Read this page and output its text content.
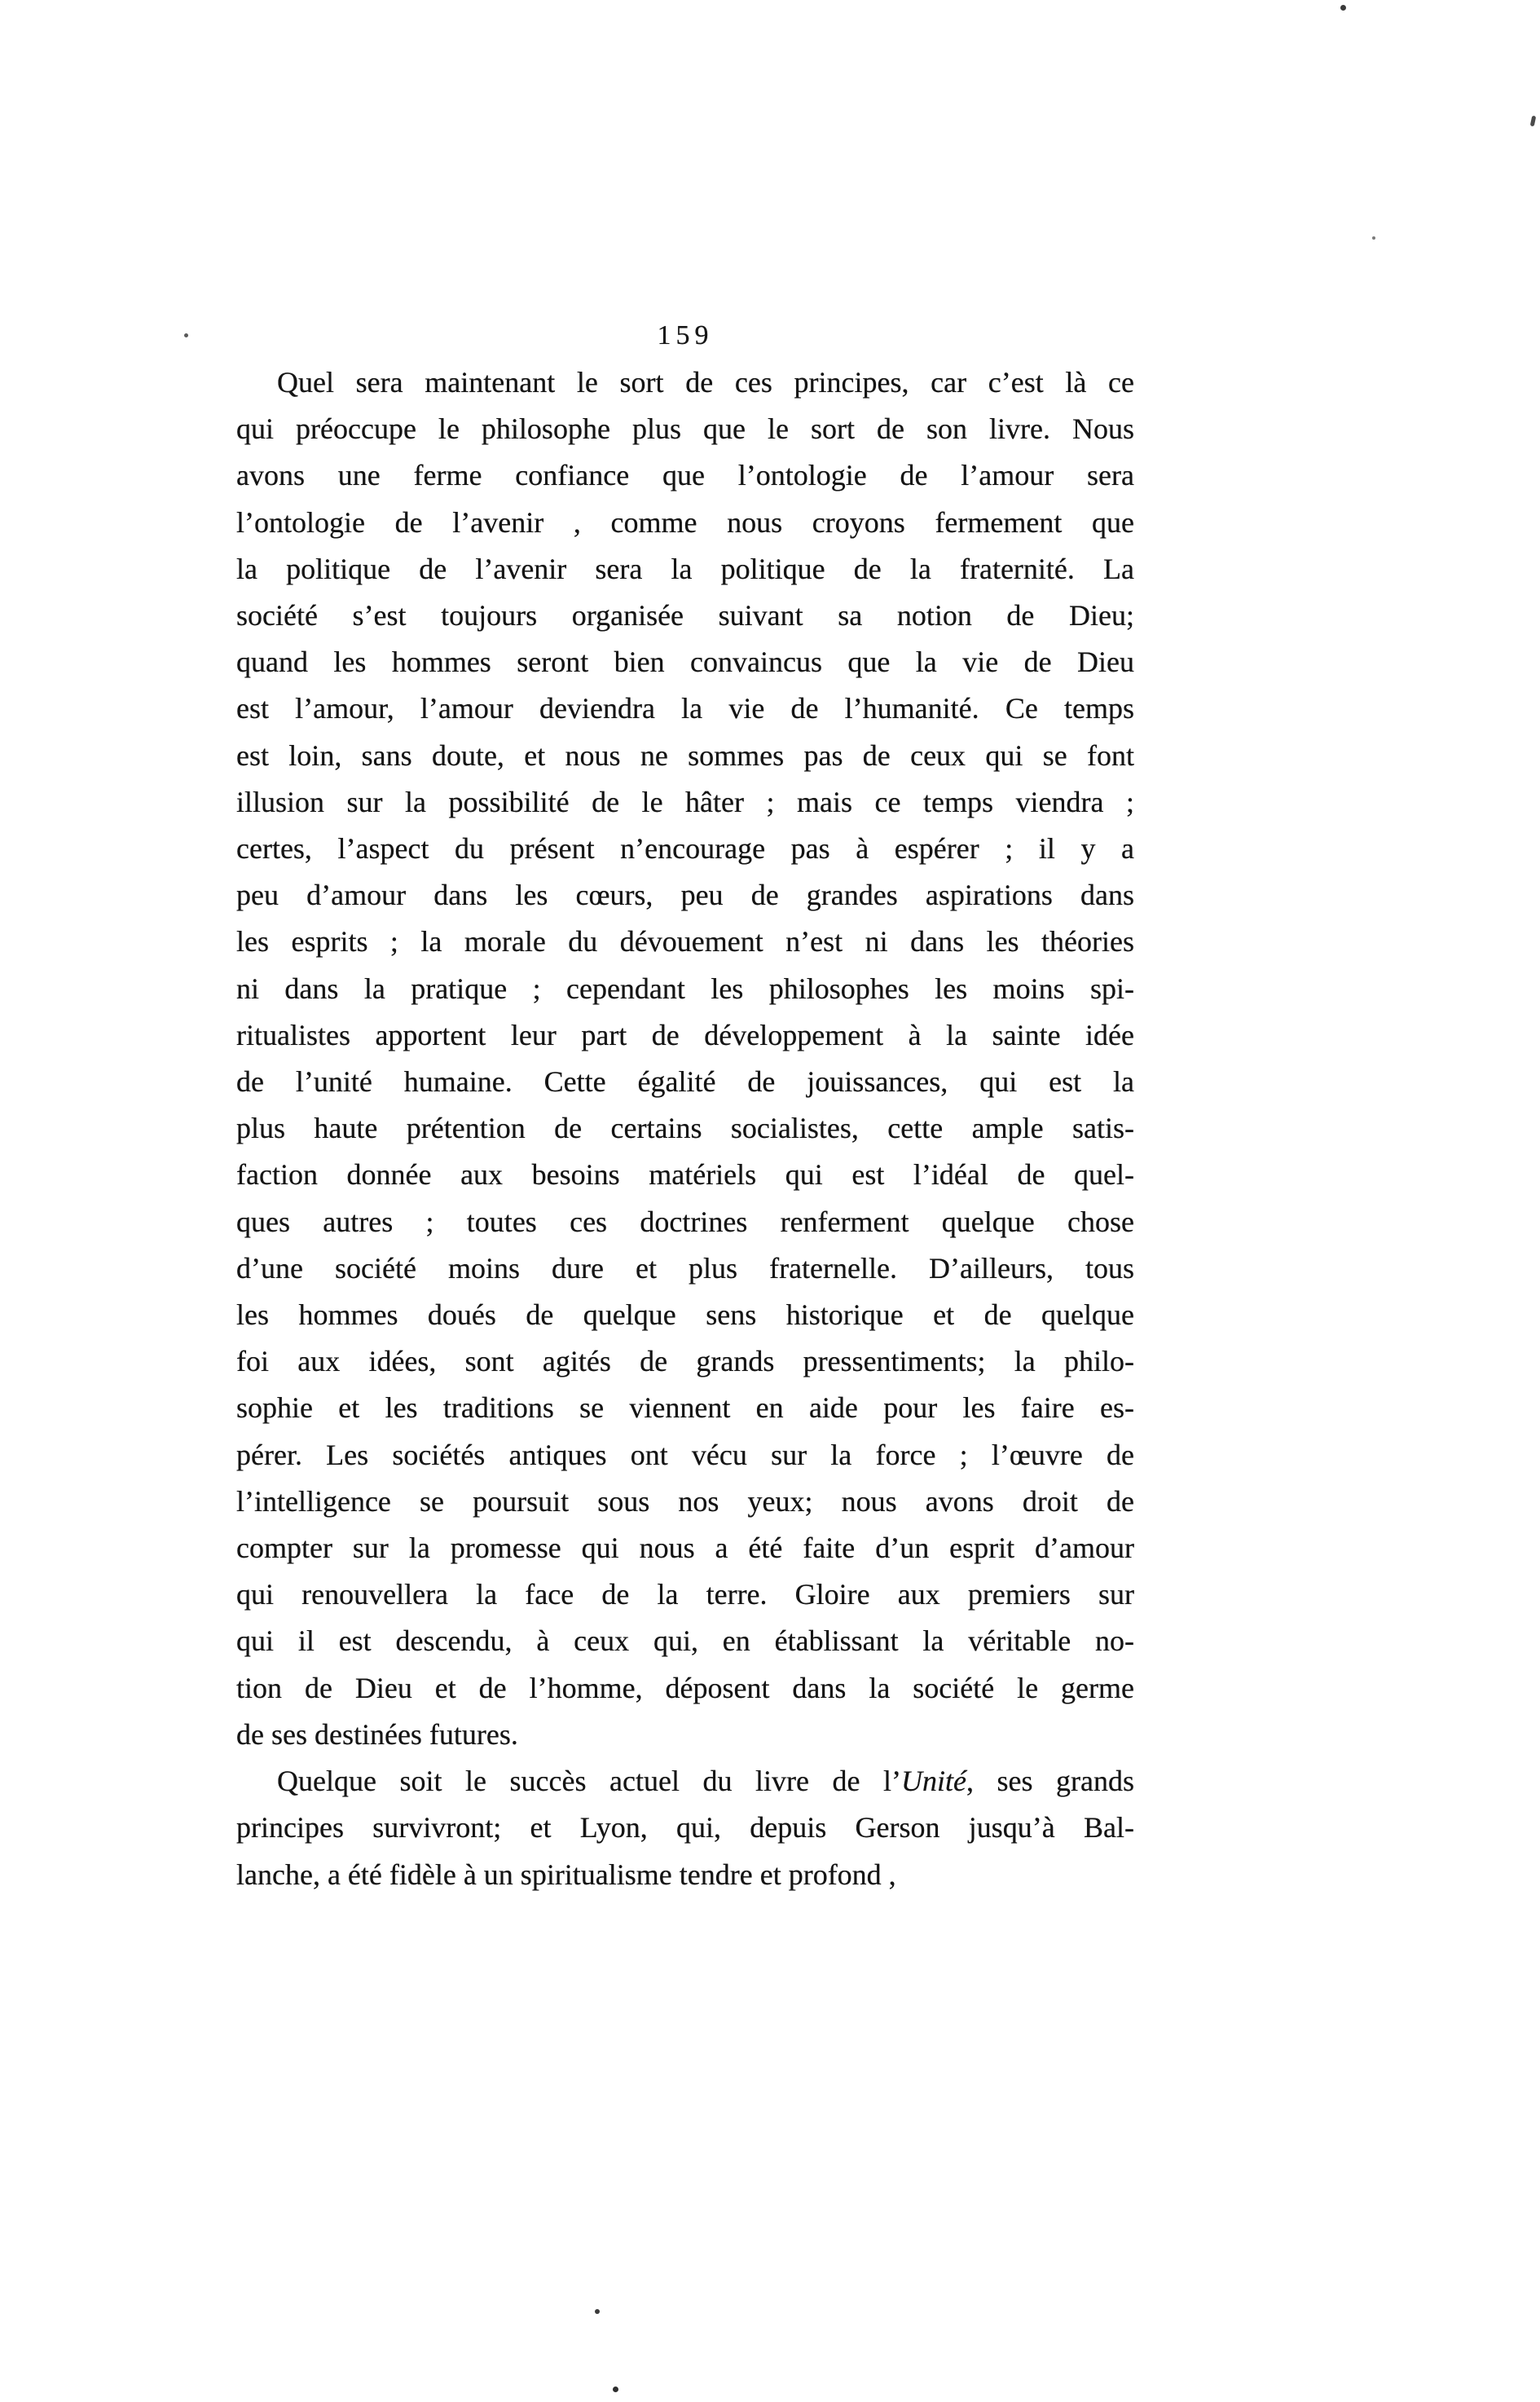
159
Quel sera maintenant le sort de ces principes, car c’est là ce
qui préoccupe le philosophe plus que le sort de son livre. Nous
avons une ferme confiance que l’ontologie de l’amour sera
l’ontologie de l’avenir , comme nous croyons fermement que
la politique de l’avenir sera la politique de la fraternité. La
société s’est toujours organisée suivant sa notion de Dieu;
quand les hommes seront bien convaincus que la vie de Dieu
est l’amour, l’amour deviendra la vie de l’humanité. Ce temps
est loin, sans doute, et nous ne sommes pas de ceux qui se font
illusion sur la possibilité de le hâter ; mais ce temps viendra ;
certes, l’aspect du présent n’encourage pas à espérer ; il y a
peu d’amour dans les cœurs, peu de grandes aspirations dans
les esprits ; la morale du dévouement n’est ni dans les théories
ni dans la pratique ; cependant les philosophes les moins spi-
ritualistes apportent leur part de développement à la sainte idée
de l’unité humaine. Cette égalité de jouissances, qui est la
plus haute prétention de certains socialistes, cette ample satis-
faction donnée aux besoins matériels qui est l’idéal de quel-
ques autres ; toutes ces doctrines renferment quelque chose
d’une société moins dure et plus fraternelle. D’ailleurs, tous
les hommes doués de quelque sens historique et de quelque
foi aux idées, sont agités de grands pressentiments; la philo-
sophie et les traditions se viennent en aide pour les faire es-
pérer. Les sociétés antiques ont vécu sur la force ; l’œuvre de
l’intelligence se poursuit sous nos yeux; nous avons droit de
compter sur la promesse qui nous a été faite d’un esprit d’amour
qui renouvellera la face de la terre. Gloire aux premiers sur
qui il est descendu, à ceux qui, en établissant la véritable no-
tion de Dieu et de l’homme, déposent dans la société le germe
de ses destinées futures.
Quelque soit le succès actuel du livre de l’Unité, ses grands
principes survivront; et Lyon, qui, depuis Gerson jusqu’à Bal-
lanche, a été fidèle à un spiritualisme tendre et profond ,
